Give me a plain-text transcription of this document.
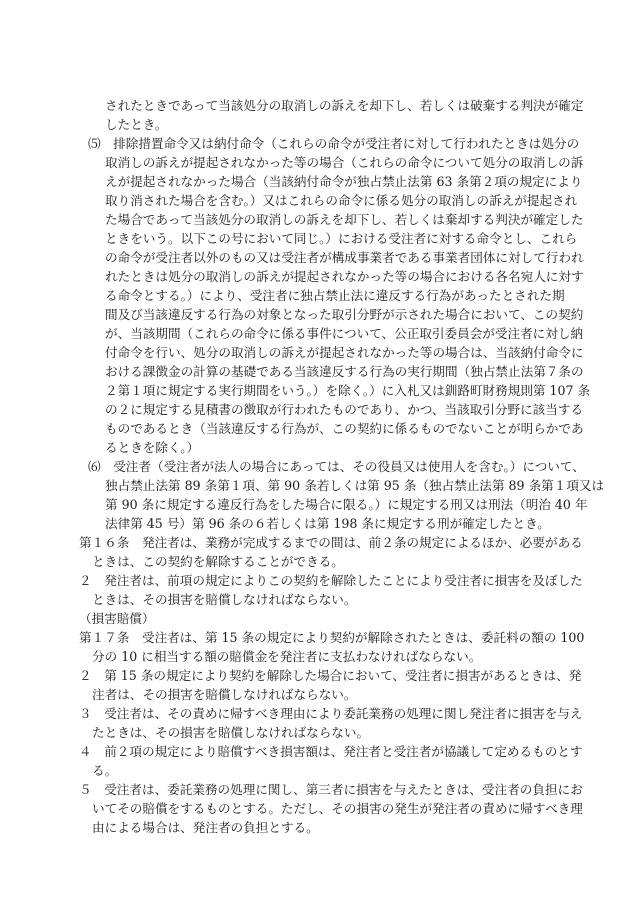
されたときであって当該処分の取消しの訴えを却下し、若しくは破棄する判決が確定
したとき。
⑸　排除措置命令又は納付命令（これらの命令が受注者に対して行われたときは処分の
取消しの訴えが提起されなかった等の場合（これらの命令について処分の取消しの訴
えが提起されなかった場合（当該納付命令が独占禁止法第 63 条第２項の規定により
取り消された場合を含む。）又はこれらの命令に係る処分の取消しの訴えが提起され
た場合であって当該処分の取消しの訴えを却下し、若しくは棄却する判決が確定した
ときをいう。以下この号において同じ。）における受注者に対する命令とし、これら
の命令が受注者以外のもの又は受注者が構成事業者である事業者団体に対して行われ
れたときは処分の取消しの訴えが提起されなかった等の場合における各名宛人に対す
る命令とする。）により、受注者に独占禁止法に違反する行為があったとされた期
間及び当該違反する行為の対象となった取引分野が示された場合において、この契約
が、当該期間（これらの命令に係る事件について、公正取引委員会が受注者に対し納
付命令を行い、処分の取消しの訴えが提起されなかった等の場合は、当該納付命令に
おける課徴金の計算の基礎である当該違反する行為の実行期間（独占禁止法第７条の
２第１項に規定する実行期間をいう。）を除く。）に入札又は釧路町財務規則第 107 条
の２に規定する見積書の徴取が行われたものであり、かつ、当該取引分野に該当する
ものであるとき（当該違反する行為が、この契約に係るものでないことが明らかであ
るときを除く。）
⑹　受注者（受注者が法人の場合にあっては、その役員又は使用人を含む。）について、
独占禁止法第 89 条第１項、第 90 条若しくは第 95 条（独占禁止法第 89 条第１項又は
第 90 条に規定する違反行為をした場合に限る。）に規定する刑又は刑法（明治 40 年
法律第 45 号）第 96 条の６若しくは第 198 条に規定する刑が確定したとき。
第１６条　発注者は、業務が完成するまでの間は、前２条の規定によるほか、必要がある
ときは、この契約を解除することができる。
２　発注者は、前項の規定によりこの契約を解除したことにより受注者に損害を及ぼした
ときは、その損害を賠償しなければならない。
（損害賠償）
第１７条　受注者は、第 15 条の規定により契約が解除されたときは、委託料の額の 100
分の 10 に相当する額の賠償金を発注者に支払わなければならない。
２　第 15 条の規定により契約を解除した場合において、受注者に損害があるときは、発
注者は、その損害を賠償しなければならない。
３　受注者は、その責めに帰すべき理由により委託業務の処理に関し発注者に損害を与え
たときは、その損害を賠償しなければならない。
４　前２項の規定により賠償すべき損害額は、発注者と受注者が協議して定めるものとす
る。
５　受注者は、委託業務の処理に関し、第三者に損害を与えたときは、受注者の負担にお
いてその賠償をするものとする。ただし、その損害の発生が発注者の責めに帰すべき理
由による場合は、発注者の負担とする。
